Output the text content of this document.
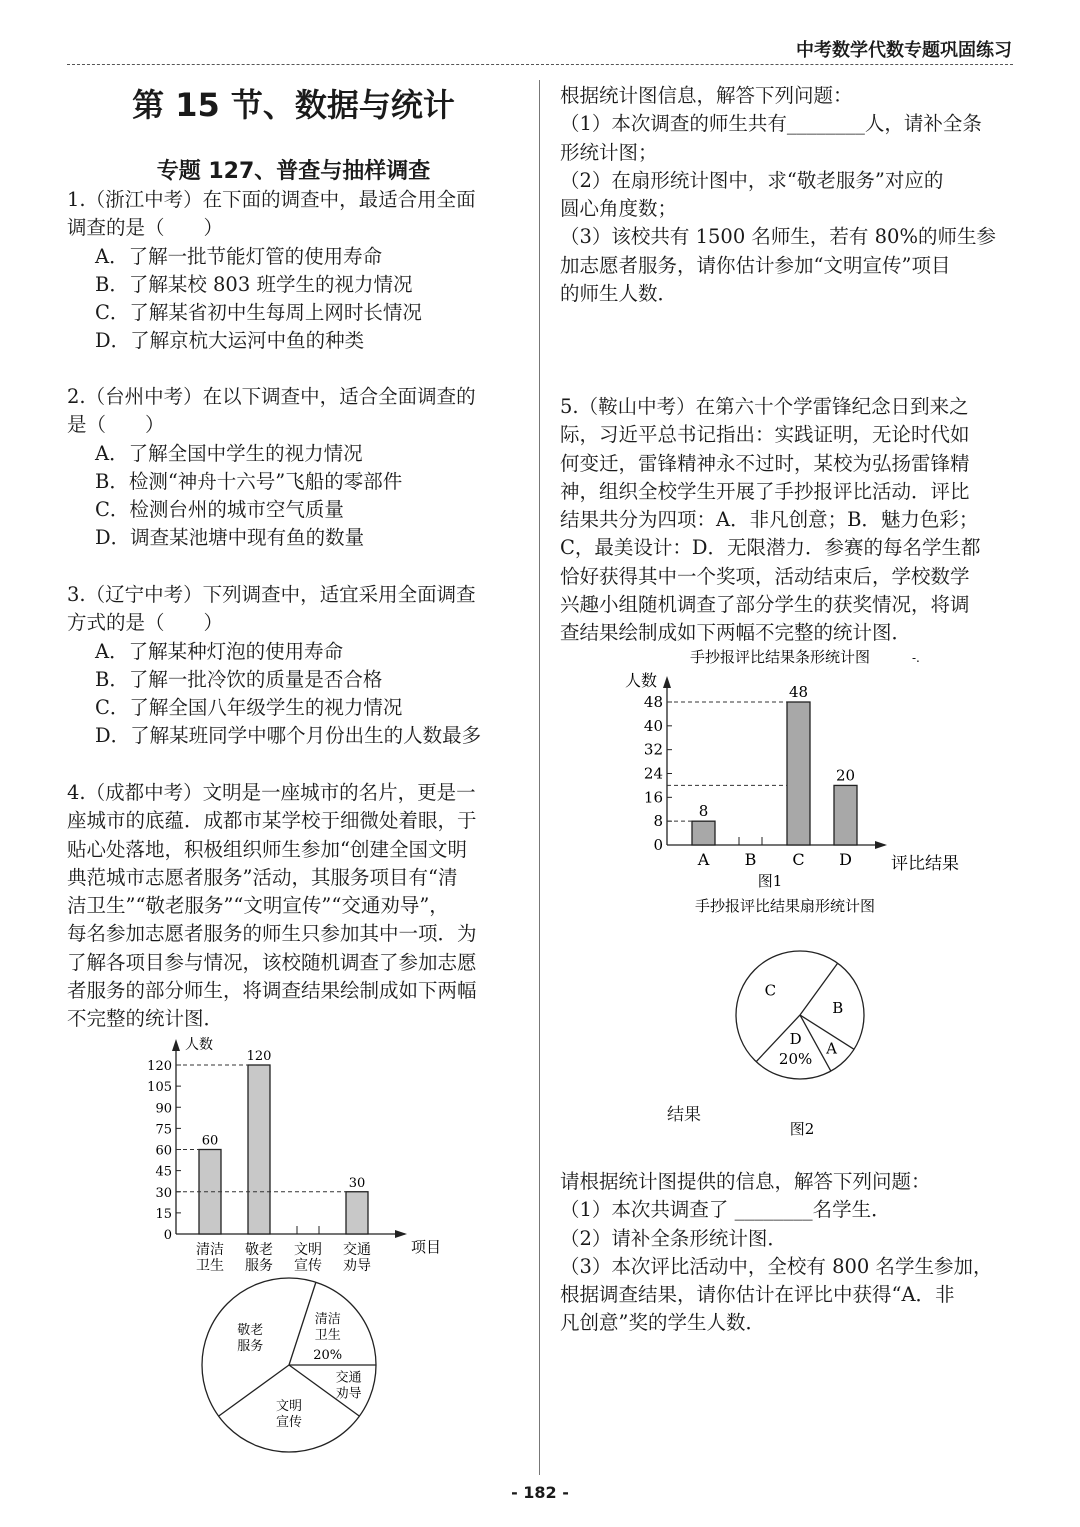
中考数学代数专题巩固练习
第 15 节、数据与统计
专题 127、普查与抽样调查
1.（浙江中考）在下面的调查中，最适合用全面
调查的是（　　）
A．了解一批节能灯管的使用寿命
B．了解某校 803 班学生的视力情况
C．了解某省初中生每周上网时长情况
D．了解京杭大运河中鱼的种类
2.（台州中考）在以下调查中，适合全面调查的
是（　　）
A．了解全国中学生的视力情况
B．检测“神舟十六号”飞船的零部件
C．检测台州的城市空气质量
D．调查某池塘中现有鱼的数量
3.（辽宁中考）下列调查中，适宜采用全面调查
方式的是（　　）
A．了解某种灯泡的使用寿命
B．了解一批冷饮的质量是否合格
C．了解全国八年级学生的视力情况
D．了解某班同学中哪个月份出生的人数最多
4.（成都中考）文明是一座城市的名片，更是一
座城市的底蕴．成都市某学校于细微处着眼，于
贴心处落地，积极组织师生参加“创建全国文明
典范城市志愿者服务”活动，其服务项目有“清
洁卫生”“敬老服务”“文明宣传”“交通劝导”，
每名参加志愿者服务的师生只参加其中一项．为
了解各项目参与情况，该校随机调查了参加志愿
者服务的部分师生，将调查结果绘制成如下两幅
不完整的统计图．
根据统计图信息，解答下列问题：
（1）本次调查的师生共有________人，请补全条
形统计图；
（2）在扇形统计图中，求“敬老服务”对应的
圆心角度数；
（3）该校共有 1500 名师生，若有 80%的师生参
加志愿者服务，请你估计参加“文明宣传”项目
的师生人数．
5.（鞍山中考）在第六十个学雷锋纪念日到来之
际，习近平总书记指出：实践证明，无论时代如
何变迁，雷锋精神永不过时，某校为弘扬雷锋精
神，组织全校学生开展了手抄报评比活动．评比
结果共分为四项：A．非凡创意；B．魅力色彩；
C，最美设计：D．无限潜力．参赛的每名学生都
恰好获得其中一个奖项，活动结束后，学校数学
兴趣小组随机调查了部分学生的获奖情况，将调
查结果绘制成如下两幅不完整的统计图．
请根据统计图提供的信息，解答下列问题：
（1）本次共调查了 ________名学生．
（2）请补全条形统计图．
（3）本次评比活动中，全校有 800 名学生参加，
根据调查结果，请你估计在评比中获得“A．非
凡创意”奖的学生人数．
结果
0
15
30
45
60
75
90
105
120
人数
项目
60
清洁
卫生
120
敬老
服务
文明
宣传
30
交通
劝导
清洁
卫生
20%
交通
劝导
文明
宣传
敬老
服务
手抄报评比结果条形统计图	-.
0
8
16
24
32
40
48
人数
评比结果
8
A B
48
C
20
D
图1
手抄报评比结果扇形统计图
B
A
D
20%
C
图2
- 182 -
